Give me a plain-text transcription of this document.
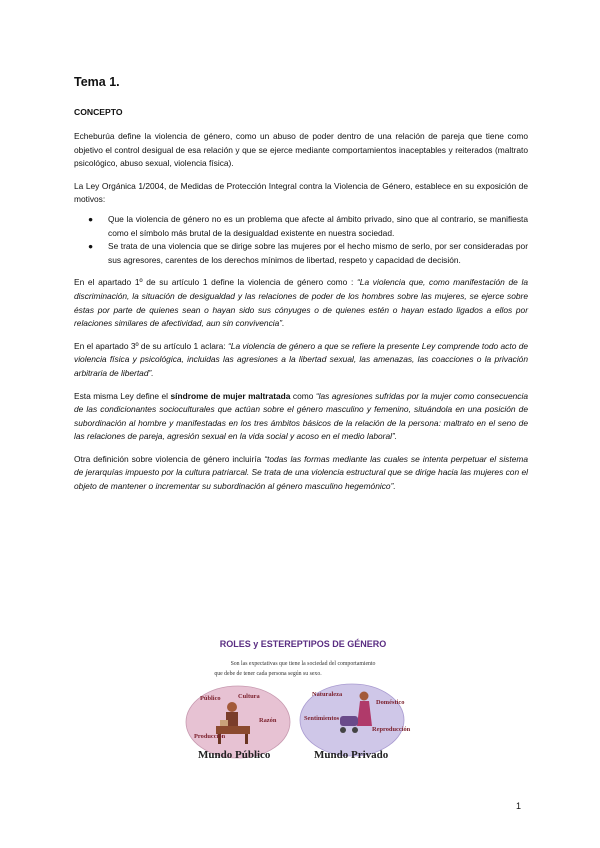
Tema 1.
CONCEPTO

Echeburúa define la violencia de género, como un abuso de poder dentro de una relación de pareja que tiene como objetivo el control desigual de esa relación y que se ejerce mediante comportamientos inaceptables y reiterados (maltrato psicológico, abuso sexual, violencia física).

La Ley Orgánica 1/2004, de Medidas de Protección Integral contra la Violencia de Género, establece en su exposición de motivos:

● Que la violencia de género no es un problema que afecte al ámbito privado, sino que al contrario, se manifiesta como el símbolo más brutal de la desigualdad existente en nuestra sociedad.
● Se trata de una violencia que se dirige sobre las mujeres por el hecho mismo de serlo, por ser consideradas por sus agresores, carentes de los derechos mínimos de libertad, respeto y capacidad de decisión.

En el apartado 1º de su artículo 1 define la violencia de género como : “La violencia que, como manifestación de la discriminación, la situación de desigualdad y las relaciones de poder de los hombres sobre las mujeres, se ejerce sobre éstas por parte de quienes sean o hayan sido sus cónyuges o de quienes estén o hayan estado ligados a ellos por relaciones similares de afectividad, aun sin convivencia”.

En el apartado 3º de su artículo 1 aclara: “La violencia de género a que se refiere la presente Ley comprende todo acto de violencia física y psicológica, incluidas las agresiones a la libertad sexual, las amenazas, las coacciones o la privación arbitraria de libertad”.

Esta misma Ley define el síndrome de mujer maltratada como “las agresiones sufridas por la mujer como consecuencia de las condicionantes socioculturales que actúan sobre el género masculino y femenino, situándola en una posición de subordinación al hombre y manifestadas en los tres ámbitos básicos de la relación de la persona: maltrato en el seno de las relaciones de pareja, agresión sexual en la vida social y acoso en el medio laboral”.

Otra definición sobre violencia de género incluiría “todas las formas mediante las cuales se intenta perpetuar el sistema de jerarquías impuesto por la cultura patriarcal. Se trata de una violencia estructural que se dirige hacia las mujeres con el objeto de mantener o incrementar su subordinación al género masculino hegemónico”.

ROLES y ESTEREPTIPOS DE GÉNERO
Son las expectativas que tiene la sociedad del comportamiento
que debe de tener cada persona según su sexo.
Público	Cultura
Razón
Producción
Mundo Público
Naturaleza
Doméstico
Sentimientos
Reproducción
Mundo Privado
1
